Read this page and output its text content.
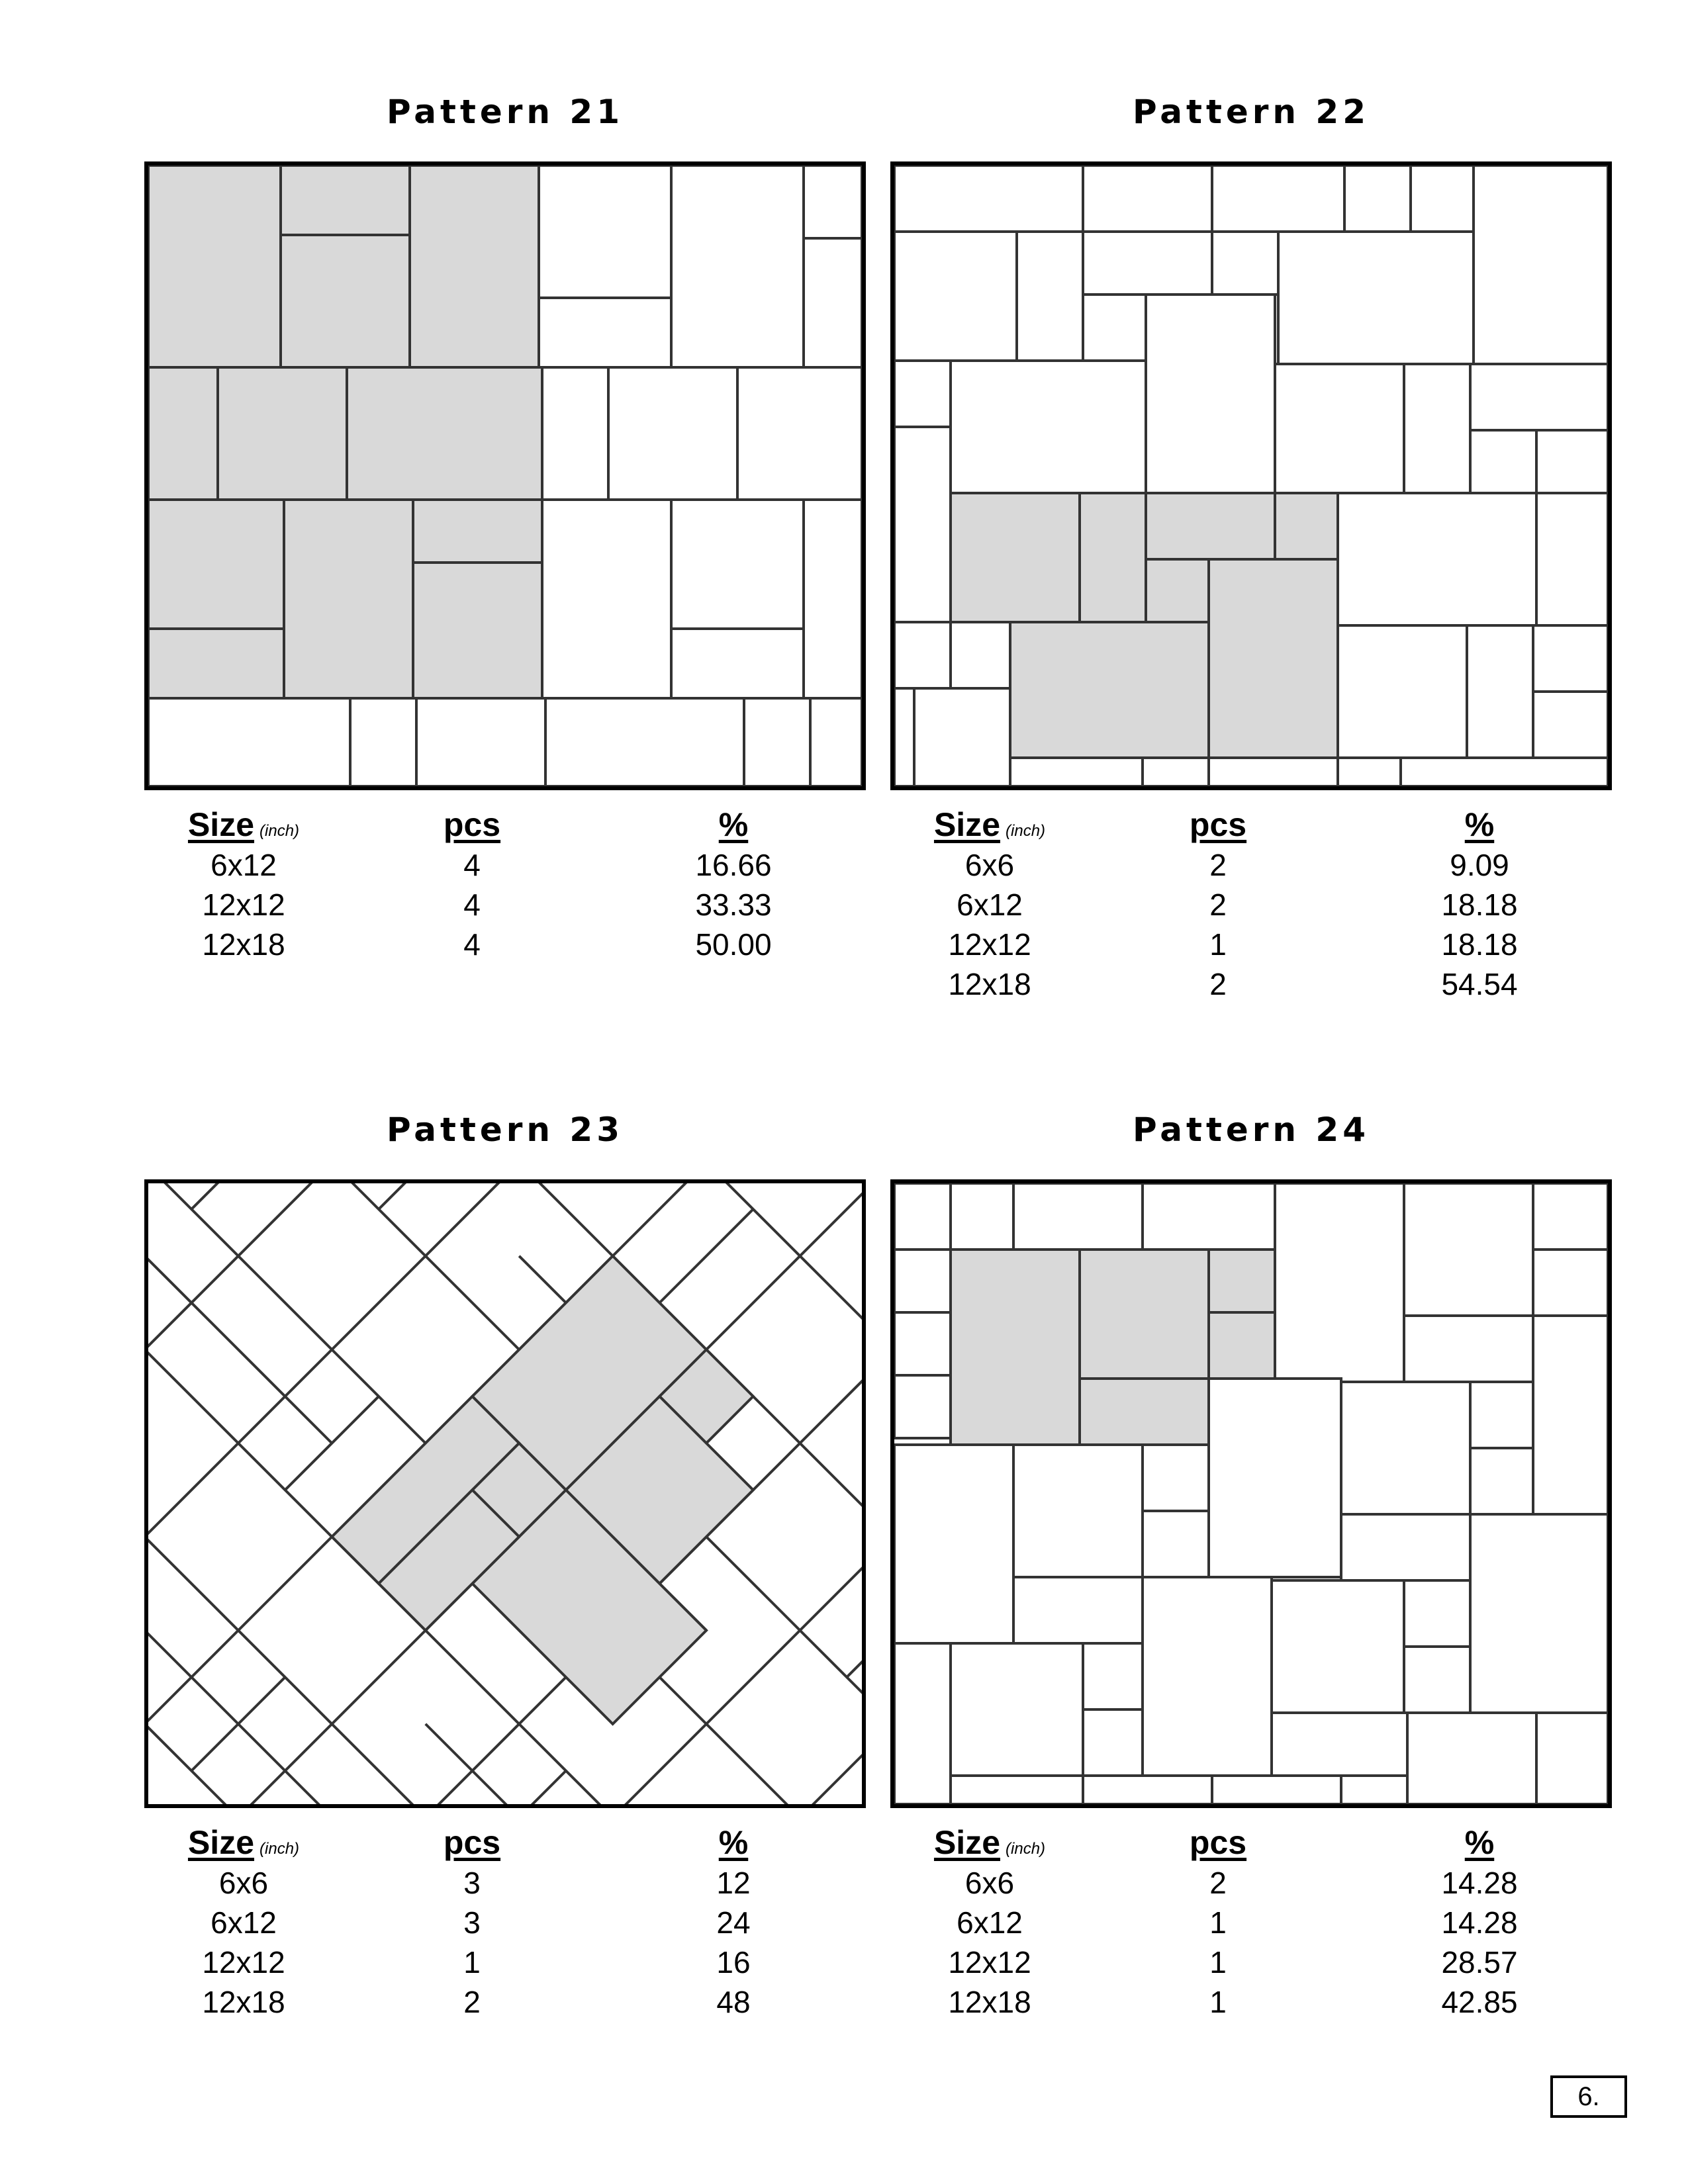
Pattern 21
Size (inch)	pcs	%
6x12	4	16.66
12x12	4	33.33
12x18	4	50.00
Pattern 22
Size (inch)	pcs	%
6x6	2	9.09
6x12	2	18.18
12x12	1	18.18
12x18	2	54.54
Pattern 23
Size (inch)	pcs	%
6x6	3	12
6x12	3	24
12x12	1	16
12x18	2	48
Pattern 24
Size (inch)	pcs	%
6x6	2	14.28
6x12	1	14.28
12x12	1	28.57
12x18	1	42.85
6.
